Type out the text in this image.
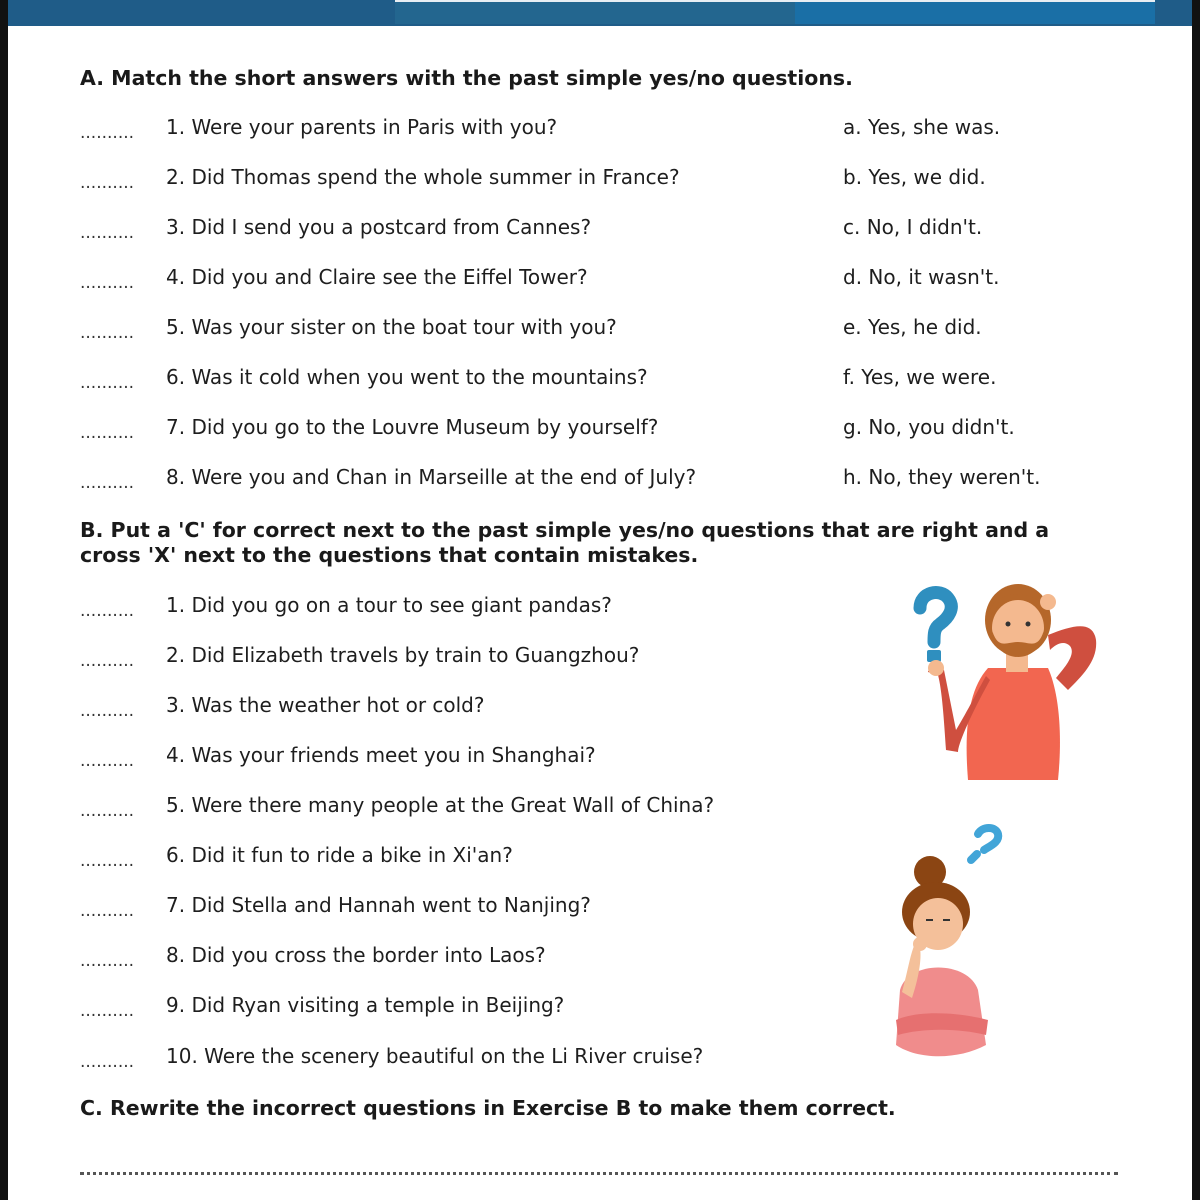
A. Match the short answers with the past simple yes/no questions.
.......... 1. Were your parents in Paris with you?
.......... 2. Did Thomas spend the whole summer in France?
.......... 3. Did I send you a postcard from Cannes?
.......... 4. Did you and Claire see the Eiffel Tower?
.......... 5. Was your sister on the boat tour with you?
.......... 6. Was it cold when you went to the mountains?
.......... 7. Did you go to the Louvre Museum by yourself?
.......... 8. Were you and Chan in Marseille at the end of July?
a. Yes, she was.
b. Yes, we did.
c. No, I didn't.
d. No, it wasn't.
e. Yes, he did.
f. Yes, we were.
g. No, you didn't.
h. No, they weren't.
B. Put a 'C' for correct next to the past simple yes/no questions that are right and a
cross 'X' next to the questions that contain mistakes.
.......... 1. Did you go on a tour to see giant pandas?
.......... 2. Did Elizabeth travels by train to Guangzhou?
.......... 3. Was the weather hot or cold?
.......... 4. Was your friends meet you in Shanghai?
.......... 5. Were there many people at the Great Wall of China?
.......... 6. Did it fun to ride a bike in Xi'an?
.......... 7. Did Stella and Hannah went to Nanjing?
.......... 8. Did you cross the border into Laos?
.......... 9. Did Ryan visiting a temple in Beijing?
.......... 10. Were the scenery beautiful on the Li River cruise?
C. Rewrite the incorrect questions in Exercise B to make them correct.
